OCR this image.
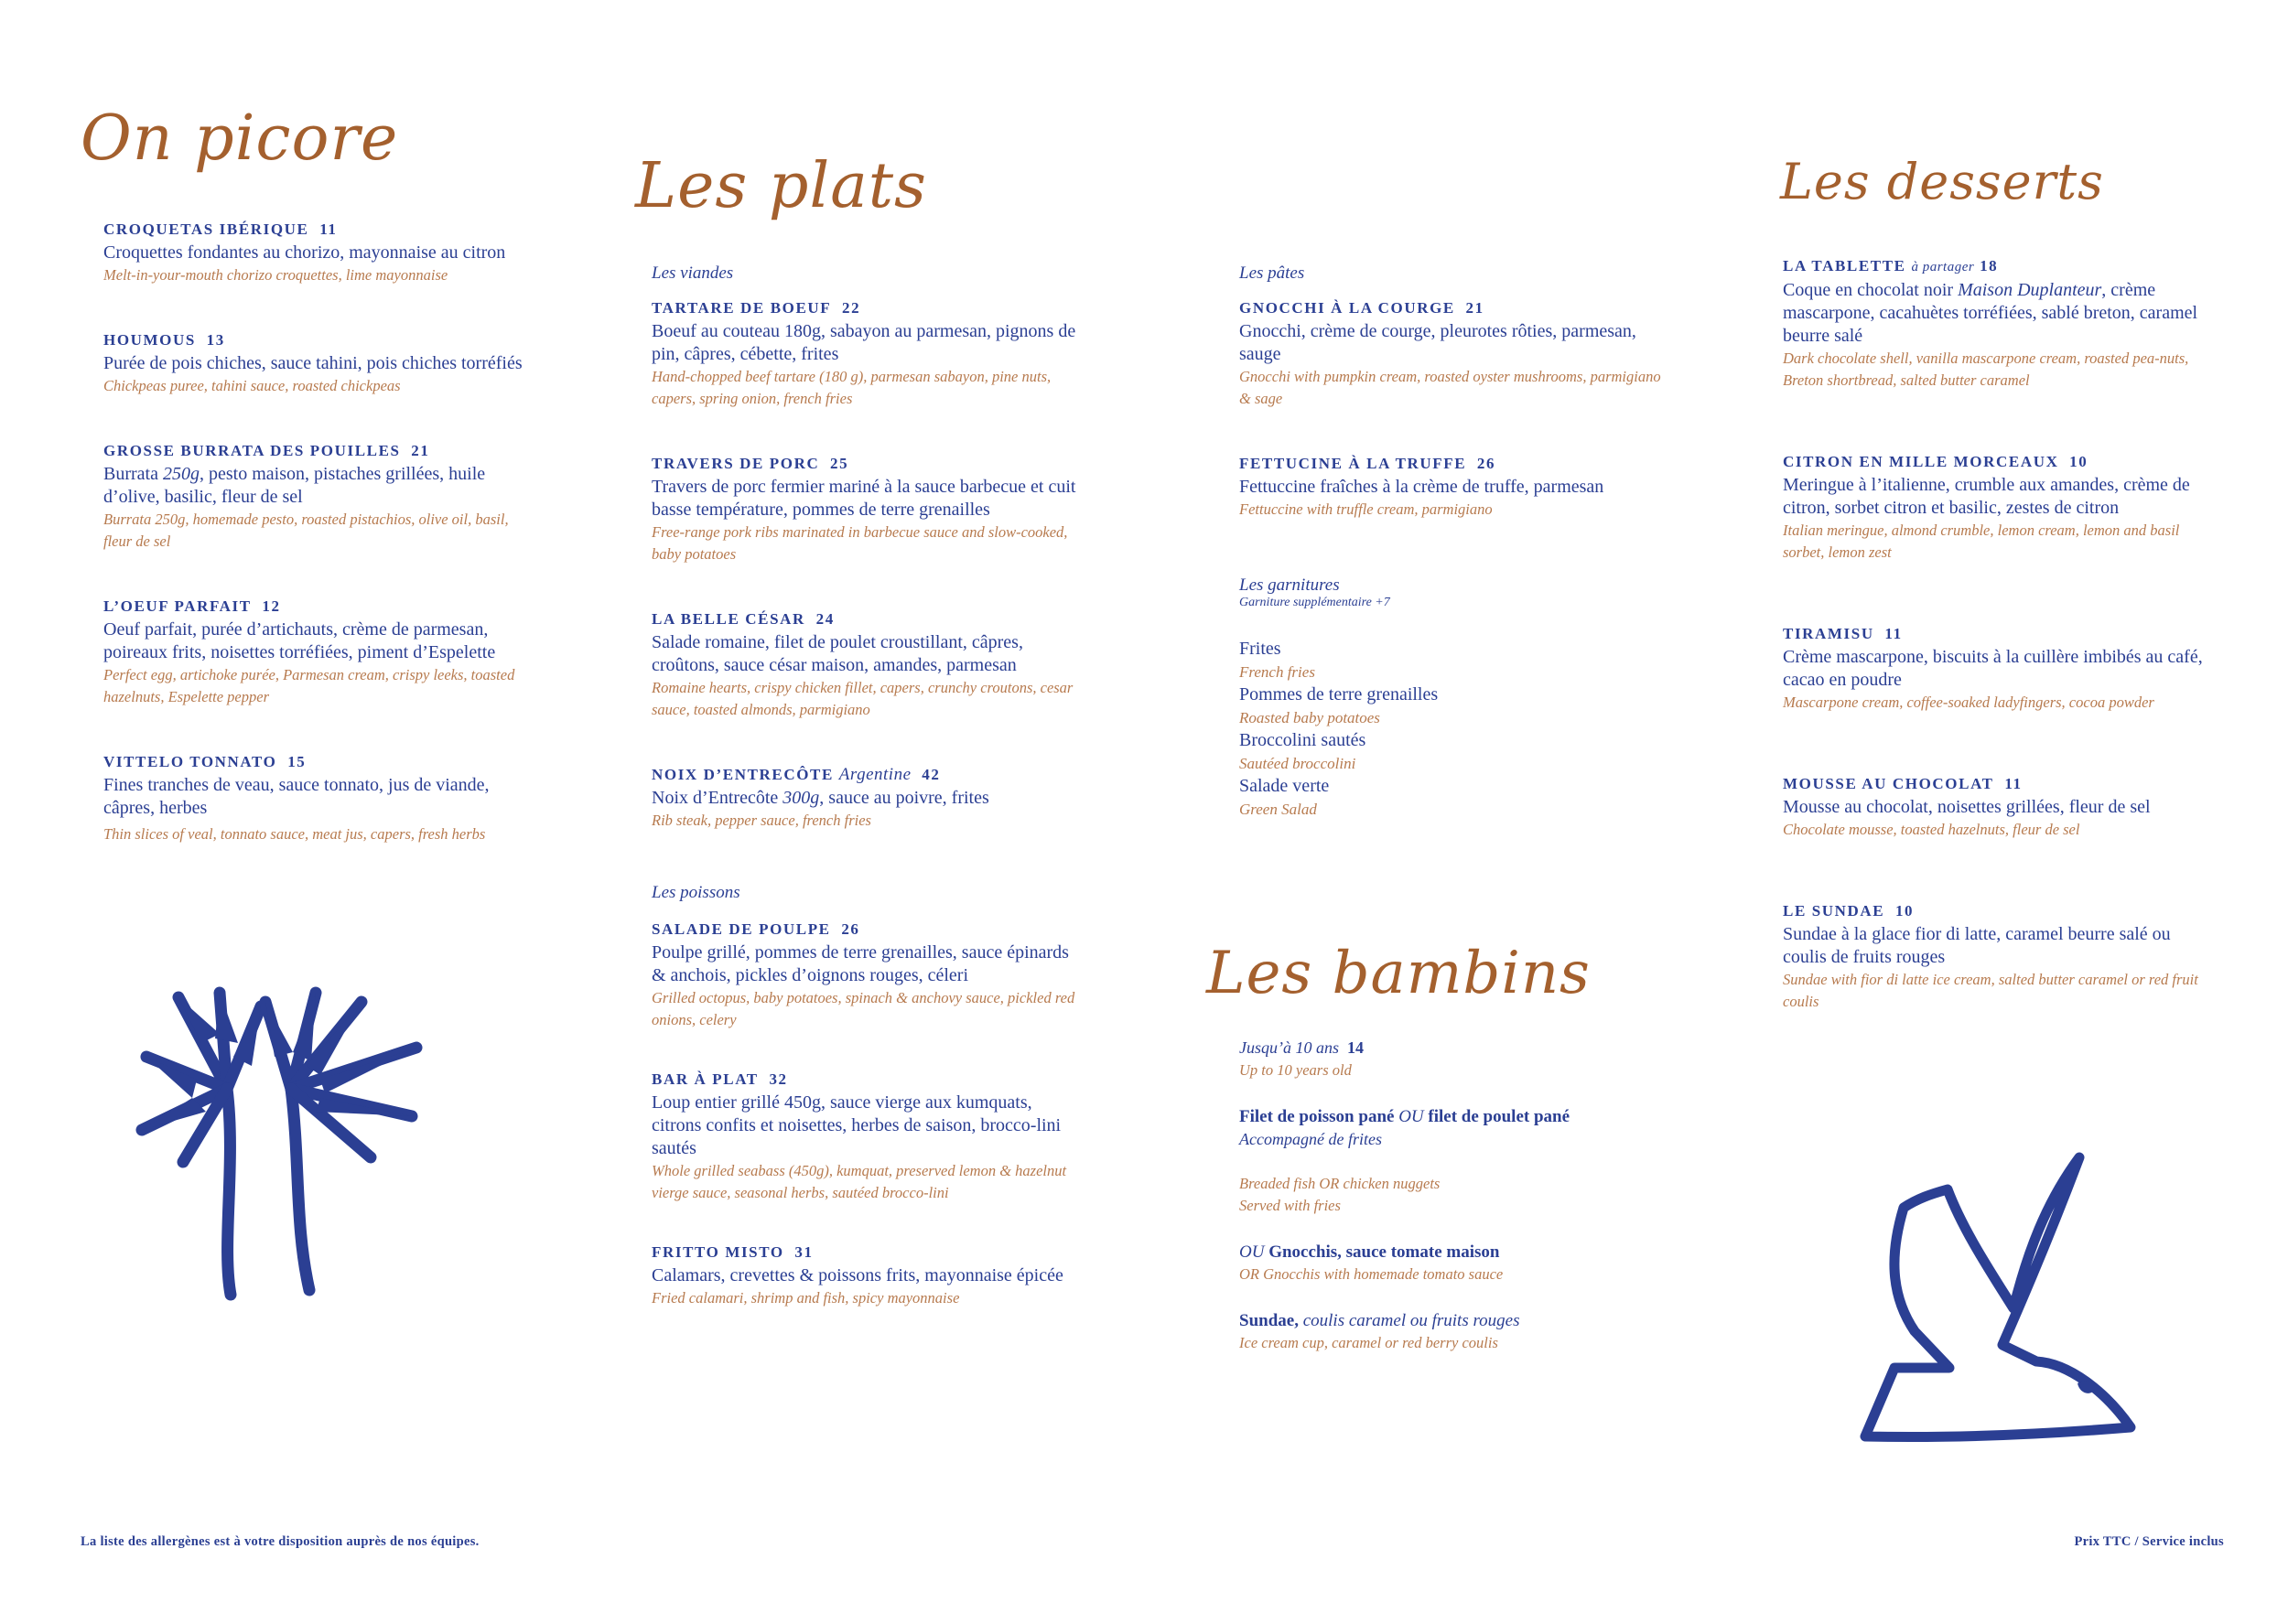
On picore
Les plats	Les desserts
Les bambins
CROQUETAS IBÉRIQUE 11
Croquettes fondantes au chorizo, mayonnaise au citron
Melt-in-your-mouth chorizo croquettes, lime mayonnaise
HOUMOUS 13
Purée de pois chiches, sauce tahini, pois chiches torréfiés
Chickpeas puree, tahini sauce, roasted chickpeas
GROSSE BURRATA DES POUILLES 21
Burrata 250g, pesto maison, pistaches grillées, huile d’olive, basilic, fleur de sel
Burrata 250g, homemade pesto, roasted pistachios, olive oil, basil, fleur de sel
L’OEUF PARFAIT 12
Oeuf parfait, purée d’artichauts, crème de parmesan, poireaux frits, noisettes torréfiées, piment d’Espelette
Perfect egg, artichoke purée, Parmesan cream, crispy leeks, toasted hazelnuts, Espelette pepper
VITTELO TONNATO 15
Fines tranches de veau, sauce tonnato, jus de viande, câpres, herbes
Thin slices of veal, tonnato sauce, meat jus, capers, fresh herbs
Les viandes
TARTARE DE BOEUF 22
Boeuf au couteau 180g, sabayon au parmesan, pignons de pin, câpres, cébette, frites
Hand-chopped beef tartare (180 g), parmesan sabayon, pine nuts, capers, spring onion, french fries
TRAVERS DE PORC 25
Travers de porc fermier mariné à la sauce barbecue et cuit basse température, pommes de terre grenailles
Free-range pork ribs marinated in barbecue sauce and slow-cooked, baby potatoes
LA BELLE CÉSAR 24
Salade romaine, filet de poulet croustillant, câpres, croûtons, sauce césar maison, amandes, parmesan
Romaine hearts, crispy chicken fillet, capers, crunchy croutons, cesar sauce, toasted almonds, parmigiano
NOIX D’ENTRECÔTE Argentine 42
Noix d’Entrecôte 300g, sauce au poivre, frites
Rib steak, pepper sauce, french fries
Les poissons
SALADE DE POULPE 26
Poulpe grillé, pommes de terre grenailles, sauce épinards & anchois, pickles d’oignons rouges, céleri
Grilled octopus, baby potatoes, spinach & anchovy sauce, pickled red onions, celery
BAR À PLAT 32
Loup entier grillé 450g, sauce vierge aux kumquats, citrons confits et noisettes, herbes de saison, brocco-lini sautés
Whole grilled seabass (450g), kumquat, preserved lemon & hazelnut vierge sauce, seasonal herbs, sautéed brocco-lini
FRITTO MISTO 31
Calamars, crevettes & poissons frits, mayonnaise épicée
Fried calamari, shrimp and fish, spicy mayonnaise
Les pâtes
GNOCCHI À LA COURGE 21
Gnocchi, crème de courge, pleurotes rôties, parmesan, sauge
Gnocchi with pumpkin cream, roasted oyster mushrooms, parmigiano & sage
FETTUCINE À LA TRUFFE 26
Fettuccine fraîches à la crème de truffe, parmesan
Fettuccine with truffle cream, parmigiano
Les garnitures
Garniture supplémentaire +7
Frites
French fries
Pommes de terre grenailles
Roasted baby potatoes
Broccolini sautés
Sautéed broccolini
Salade verte
Green Salad
Jusqu’à 10 ans 14
Up to 10 years old
Filet de poisson pané OU filet de poulet pané
Accompagné de frites
Breaded fish OR chicken nuggets
Served with fries
OU Gnocchis, sauce tomate maison
OR Gnocchis with homemade tomato sauce
Sundae, coulis caramel ou fruits rouges
Ice cream cup, caramel or red berry coulis
LA TABLETTE à partager 18
Coque en chocolat noir Maison Duplanteur, crème mascarpone, cacahuètes torréfiées, sablé breton, caramel beurre salé
Dark chocolate shell, vanilla mascarpone cream, roasted pea-nuts, Breton shortbread, salted butter caramel
CITRON EN MILLE MORCEAUX 10
Meringue à l’italienne, crumble aux amandes, crème de citron, sorbet citron et basilic, zestes de citron
Italian meringue, almond crumble, lemon cream, lemon and basil sorbet, lemon zest
TIRAMISU 11
Crème mascarpone, biscuits à la cuillère imbibés au café, cacao en poudre
Mascarpone cream, coffee-soaked ladyfingers, cocoa powder
MOUSSE AU CHOCOLAT 11
Mousse au chocolat, noisettes grillées, fleur de sel
Chocolate mousse, toasted hazelnuts, fleur de sel
LE SUNDAE 10
Sundae à la glace fior di latte, caramel beurre salé ou coulis de fruits rouges
Sundae with fior di latte ice cream, salted butter caramel or red fruit coulis
La liste des allergènes est à votre disposition auprès de nos équipes.	Prix TTC / Service inclus
